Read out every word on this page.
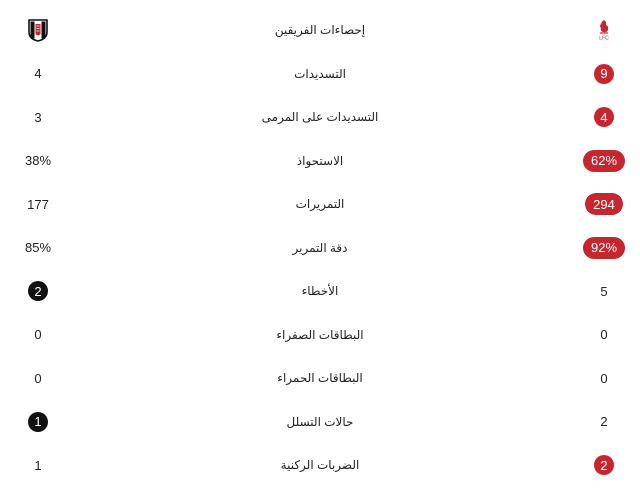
إحصاءات الفريقين
LFC
4	التسديدات	9
3	التسديدات على المرمى	4
38%	الاستحواذ	62%
177	التمريرات	294
85%	دقة التمرير	92%
2	الأخطاء	5
0	البطاقات الصفراء	0
0	البطاقات الحمراء	0
1	حالات التسلل	2
1	الضربات الركنية	2
